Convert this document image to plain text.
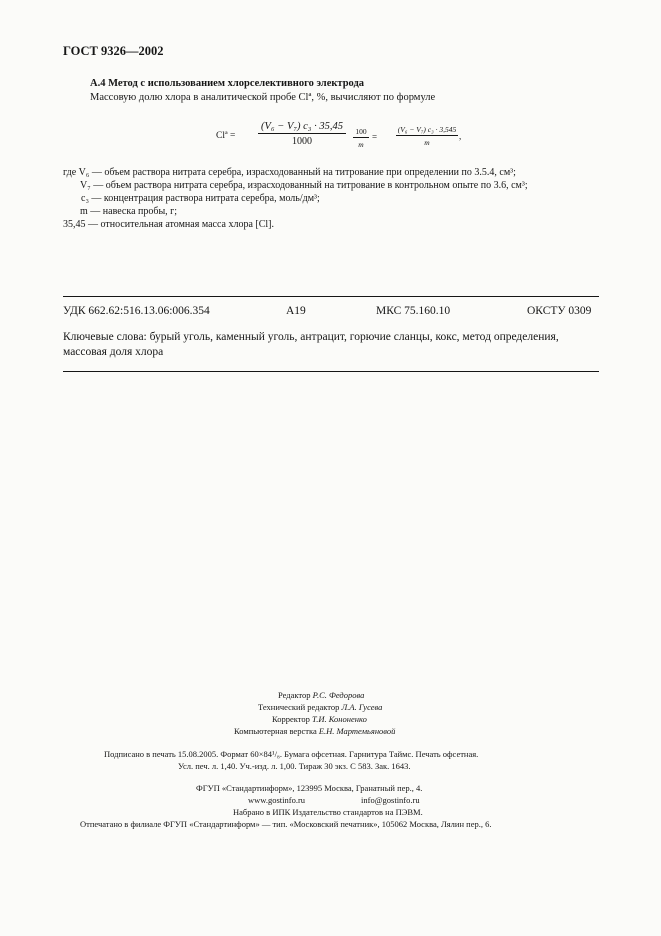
ГОСТ 9326—2002
А.4 Метод с использованием хлорселективного электрода
Массовую долю хлора в аналитической пробе Clª, %, вычисляют по формуле
Clª =
(V₆ − V₇) c₃ · 35,45
1000
100
m
=
(V₆ − V₇) c₃ · 3,545
m
,
где V₆ — объем раствора нитрата серебра, израсходованный на титрование при определении по 3.5.4, см³;
V₇ — объем раствора нитрата серебра, израсходованный на титрование в контрольном опыте по 3.6, см³;
c₃ — концентрация раствора нитрата серебра, моль/дм³;
m — навеска пробы, г;
35,45 — относительная атомная масса хлора [Cl].
УДК 662.62:516.13.06:006.354	А19	МКС 75.160.10	ОКСТУ 0309
Ключевые слова: бурый уголь, каменный уголь, антрацит, горючие сланцы, кокс, метод определения, массовая доля хлора
Редактор Р.С. Федорова
Технический редактор Л.А. Гусева
Корректор Т.И. Кононенко
Компьютерная верстка Е.Н. Мартемьяновой
Подписано в печать 15.08.2005. Формат 60×84¹/₈. Бумага офсетная. Гарнитура Таймс. Печать офсетная.
Усл. печ. л. 1,40. Уч.-изд. л. 1,00. Тираж 30 экз. С 583. Зак. 1643.
ФГУП «Стандартинформ», 123995 Москва, Гранатный пер., 4.
www.gostinfo.ru	info@gostinfo.ru
Набрано в ИПК Издательство стандартов на ПЭВМ.
Отпечатано в филиале ФГУП «Стандартинформ» — тип. «Московский печатник», 105062 Москва, Лялин пер., 6.
